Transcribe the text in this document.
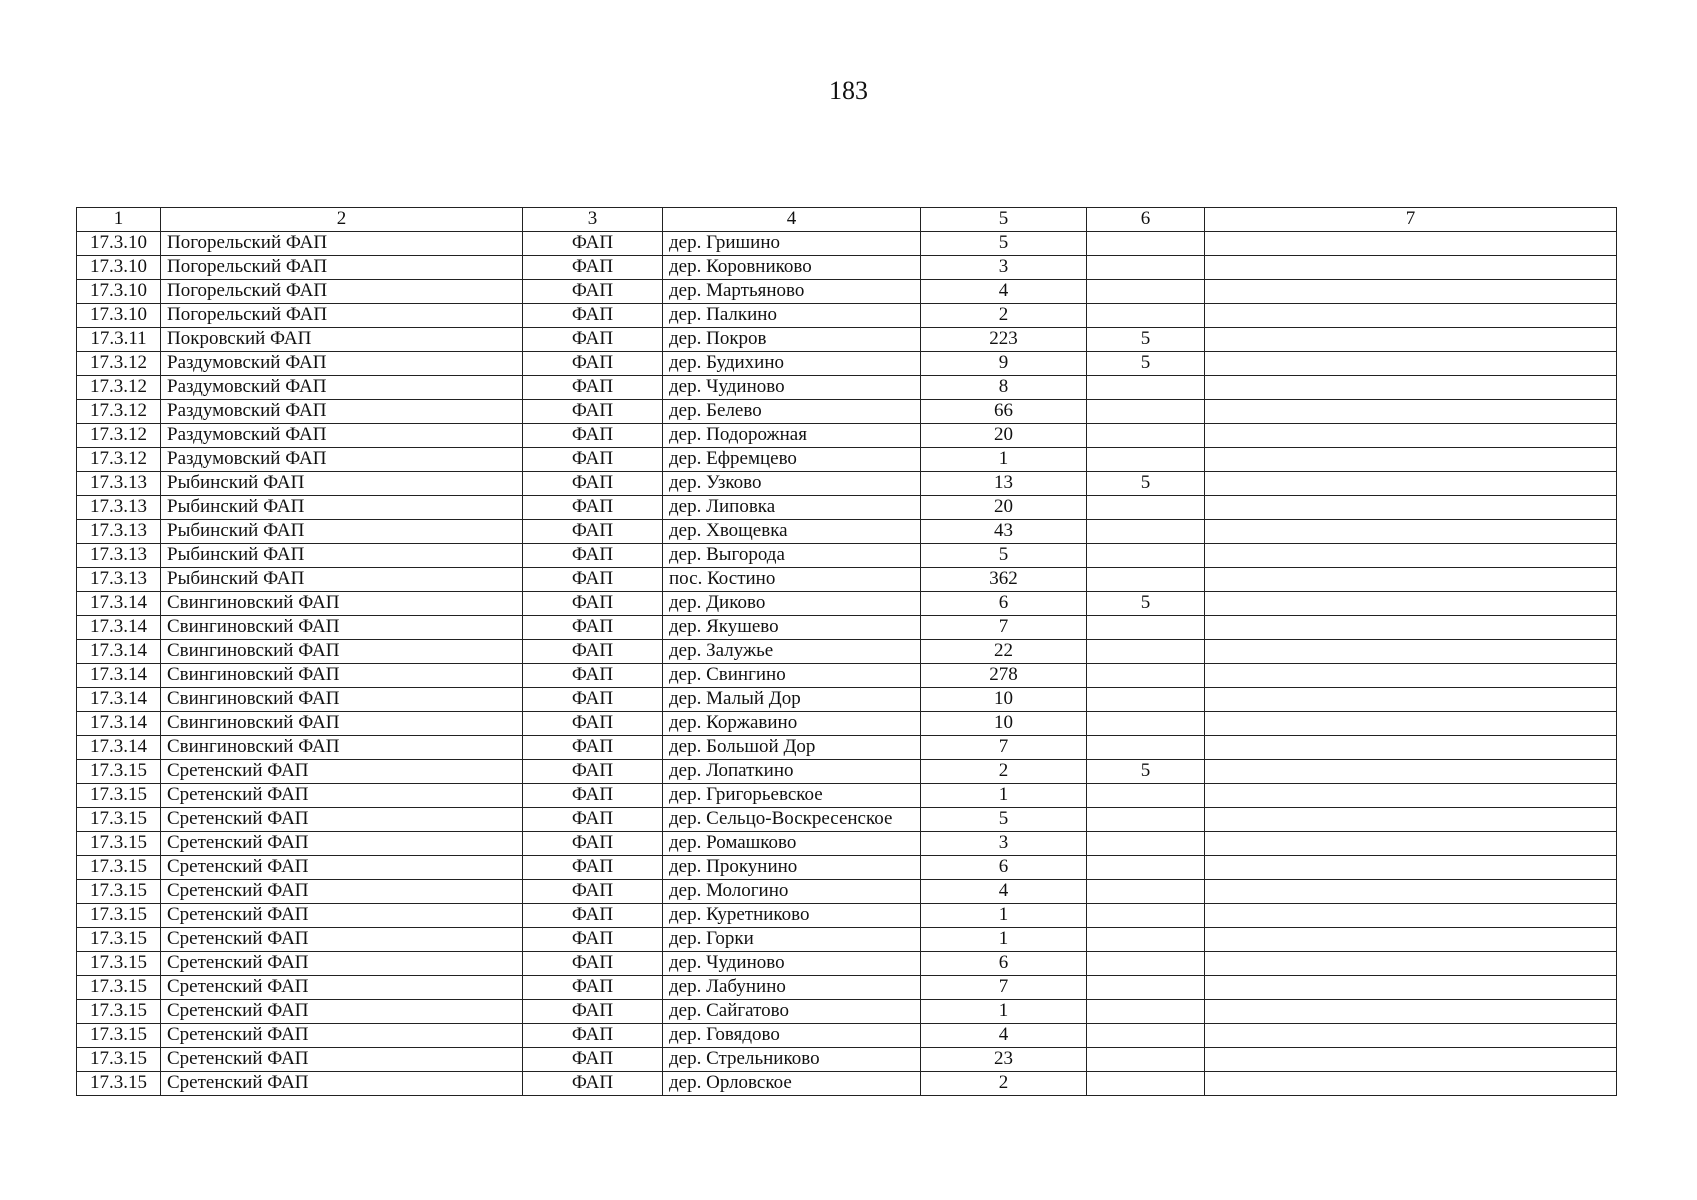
183
1	2	3	4	5	6	7
17.3.10	Погорельский ФАП	ФАП	дер. Гришино	5		
17.3.10	Погорельский ФАП	ФАП	дер. Коровниково	3		
17.3.10	Погорельский ФАП	ФАП	дер. Мартьяново	4		
17.3.10	Погорельский ФАП	ФАП	дер. Палкино	2		
17.3.11	Покровский ФАП	ФАП	дер. Покров	223	5	
17.3.12	Раздумовский ФАП	ФАП	дер. Будихино	9	5	
17.3.12	Раздумовский ФАП	ФАП	дер. Чудиново	8		
17.3.12	Раздумовский ФАП	ФАП	дер. Белево	66		
17.3.12	Раздумовский ФАП	ФАП	дер. Подорожная	20		
17.3.12	Раздумовский ФАП	ФАП	дер. Ефремцево	1		
17.3.13	Рыбинский ФАП	ФАП	дер. Узково	13	5	
17.3.13	Рыбинский ФАП	ФАП	дер. Липовка	20		
17.3.13	Рыбинский ФАП	ФАП	дер. Хвощевка	43		
17.3.13	Рыбинский ФАП	ФАП	дер. Выгорода	5		
17.3.13	Рыбинский ФАП	ФАП	пос. Костино	362		
17.3.14	Свингиновский ФАП	ФАП	дер. Диково	6	5	
17.3.14	Свингиновский ФАП	ФАП	дер. Якушево	7		
17.3.14	Свингиновский ФАП	ФАП	дер. Залужье	22		
17.3.14	Свингиновский ФАП	ФАП	дер. Свингино	278		
17.3.14	Свингиновский ФАП	ФАП	дер. Малый Дор	10		
17.3.14	Свингиновский ФАП	ФАП	дер. Коржавино	10		
17.3.14	Свингиновский ФАП	ФАП	дер. Большой Дор	7		
17.3.15	Сретенский ФАП	ФАП	дер. Лопаткино	2	5	
17.3.15	Сретенский ФАП	ФАП	дер. Григорьевское	1		
17.3.15	Сретенский ФАП	ФАП	дер. Сельцо-Воскресенское	5		
17.3.15	Сретенский ФАП	ФАП	дер. Ромашково	3		
17.3.15	Сретенский ФАП	ФАП	дер. Прокунино	6		
17.3.15	Сретенский ФАП	ФАП	дер. Мологино	4		
17.3.15	Сретенский ФАП	ФАП	дер. Куретниково	1		
17.3.15	Сретенский ФАП	ФАП	дер. Горки	1		
17.3.15	Сретенский ФАП	ФАП	дер. Чудиново	6		
17.3.15	Сретенский ФАП	ФАП	дер. Лабунино	7		
17.3.15	Сретенский ФАП	ФАП	дер. Сайгатово	1		
17.3.15	Сретенский ФАП	ФАП	дер. Говядово	4		
17.3.15	Сретенский ФАП	ФАП	дер. Стрельниково	23		
17.3.15	Сретенский ФАП	ФАП	дер. Орловское	2		
